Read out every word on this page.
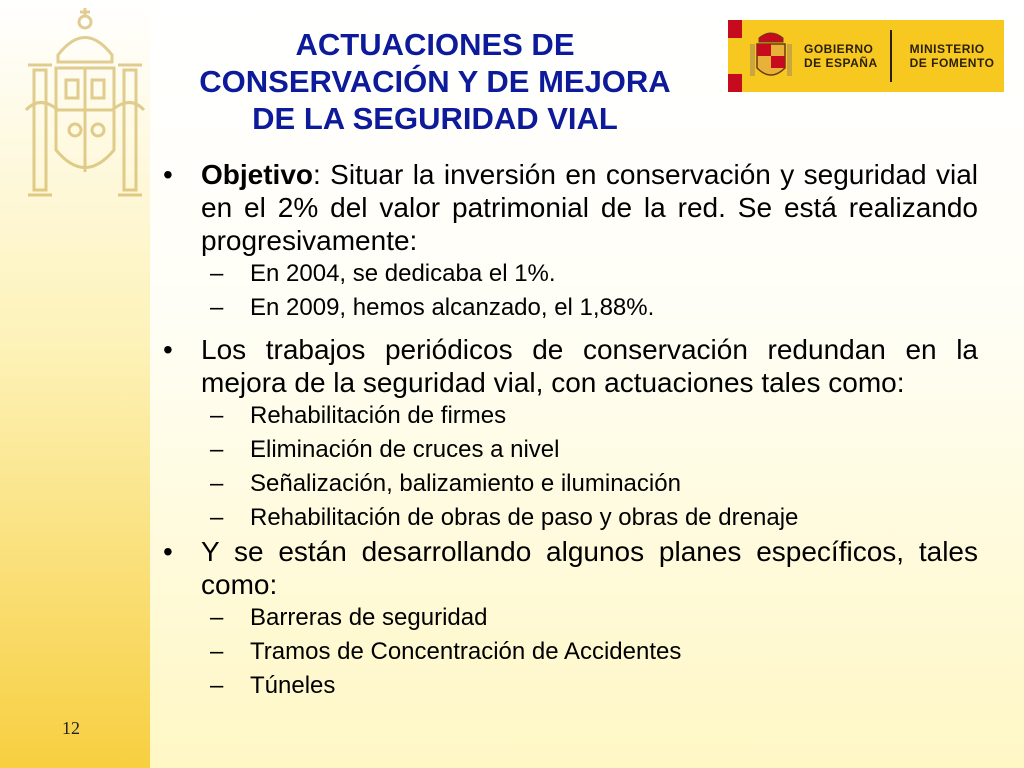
ACTUACIONES DE
CONSERVACIÓN Y DE MEJORA
DE LA SEGURIDAD VIAL
GOBIERNO
DE ESPAÑA
MINISTERIO
DE FOMENTO
•	Objetivo: Situar la inversión en conservación y seguridad vial en el 2% del valor patrimonial de la red. Se está realizando progresivamente:
–	En 2004, se dedicaba el 1%.
–	En 2009, hemos alcanzado, el 1,88%.
•	Los trabajos periódicos de conservación redundan en la mejora de la seguridad vial, con actuaciones tales como:
–	Rehabilitación de firmes
–	Eliminación de cruces a nivel
–	Señalización, balizamiento e iluminación
–	Rehabilitación de obras de paso y obras de drenaje
•	Y se están desarrollando algunos planes específicos, tales como:
–	Barreras de seguridad
–	Tramos de Concentración de Accidentes
–	Túneles
12
